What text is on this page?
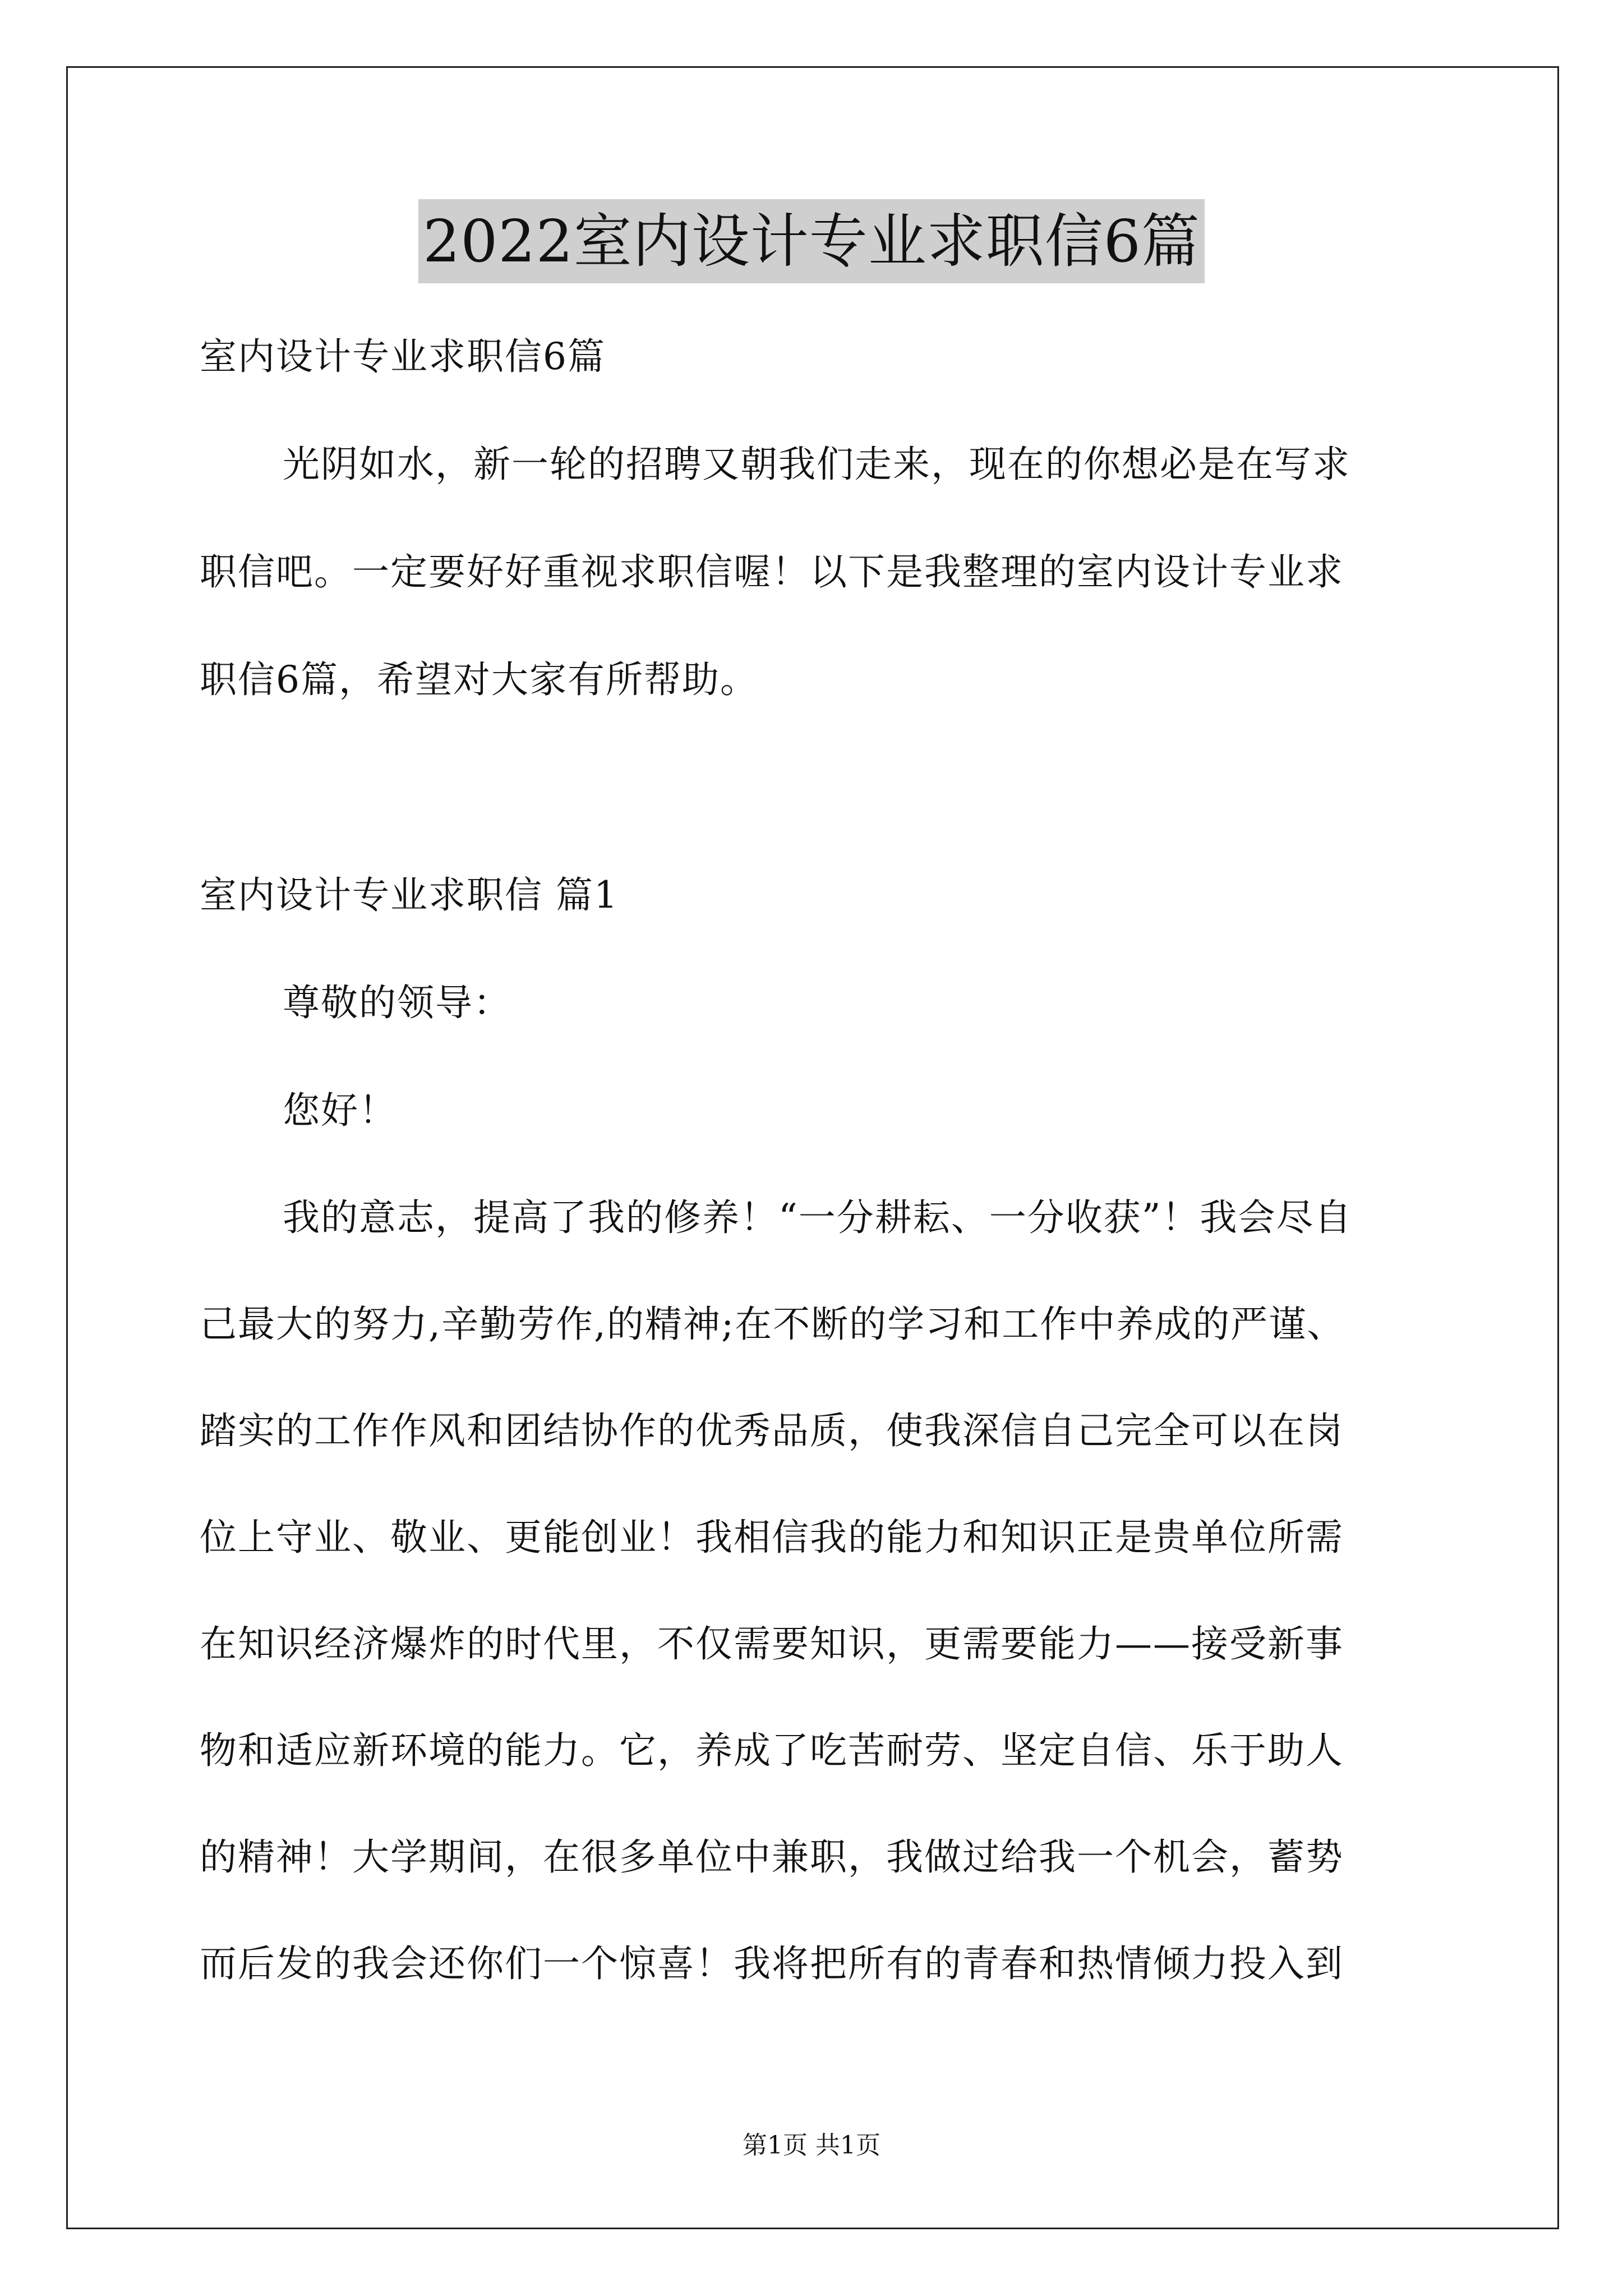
2022室内设计专业求职信6篇
室内设计专业求职信6篇
光阴如水，新一轮的招聘又朝我们走来，现在的你想必是在写求
职信吧。一定要好好重视求职信喔！以下是我整理的室内设计专业求
职信6篇，希望对大家有所帮助。
室内设计专业求职信 篇1
尊敬的领导：
您好！
我的意志，提高了我的修养！“一分耕耘、一分收获”！我会尽自
己最大的努力,辛勤劳作,的精神;在不断的学习和工作中养成的严谨、
踏实的工作作风和团结协作的优秀品质，使我深信自己完全可以在岗
位上守业、敬业、更能创业！我相信我的能力和知识正是贵单位所需
在知识经济爆炸的时代里，不仅需要知识，更需要能力——接受新事
物和适应新环境的能力。它，养成了吃苦耐劳、坚定自信、乐于助人
的精神！大学期间，在很多单位中兼职，我做过给我一个机会，蓄势
而后发的我会还你们一个惊喜！我将把所有的青春和热情倾力投入到
第1页 共1页
